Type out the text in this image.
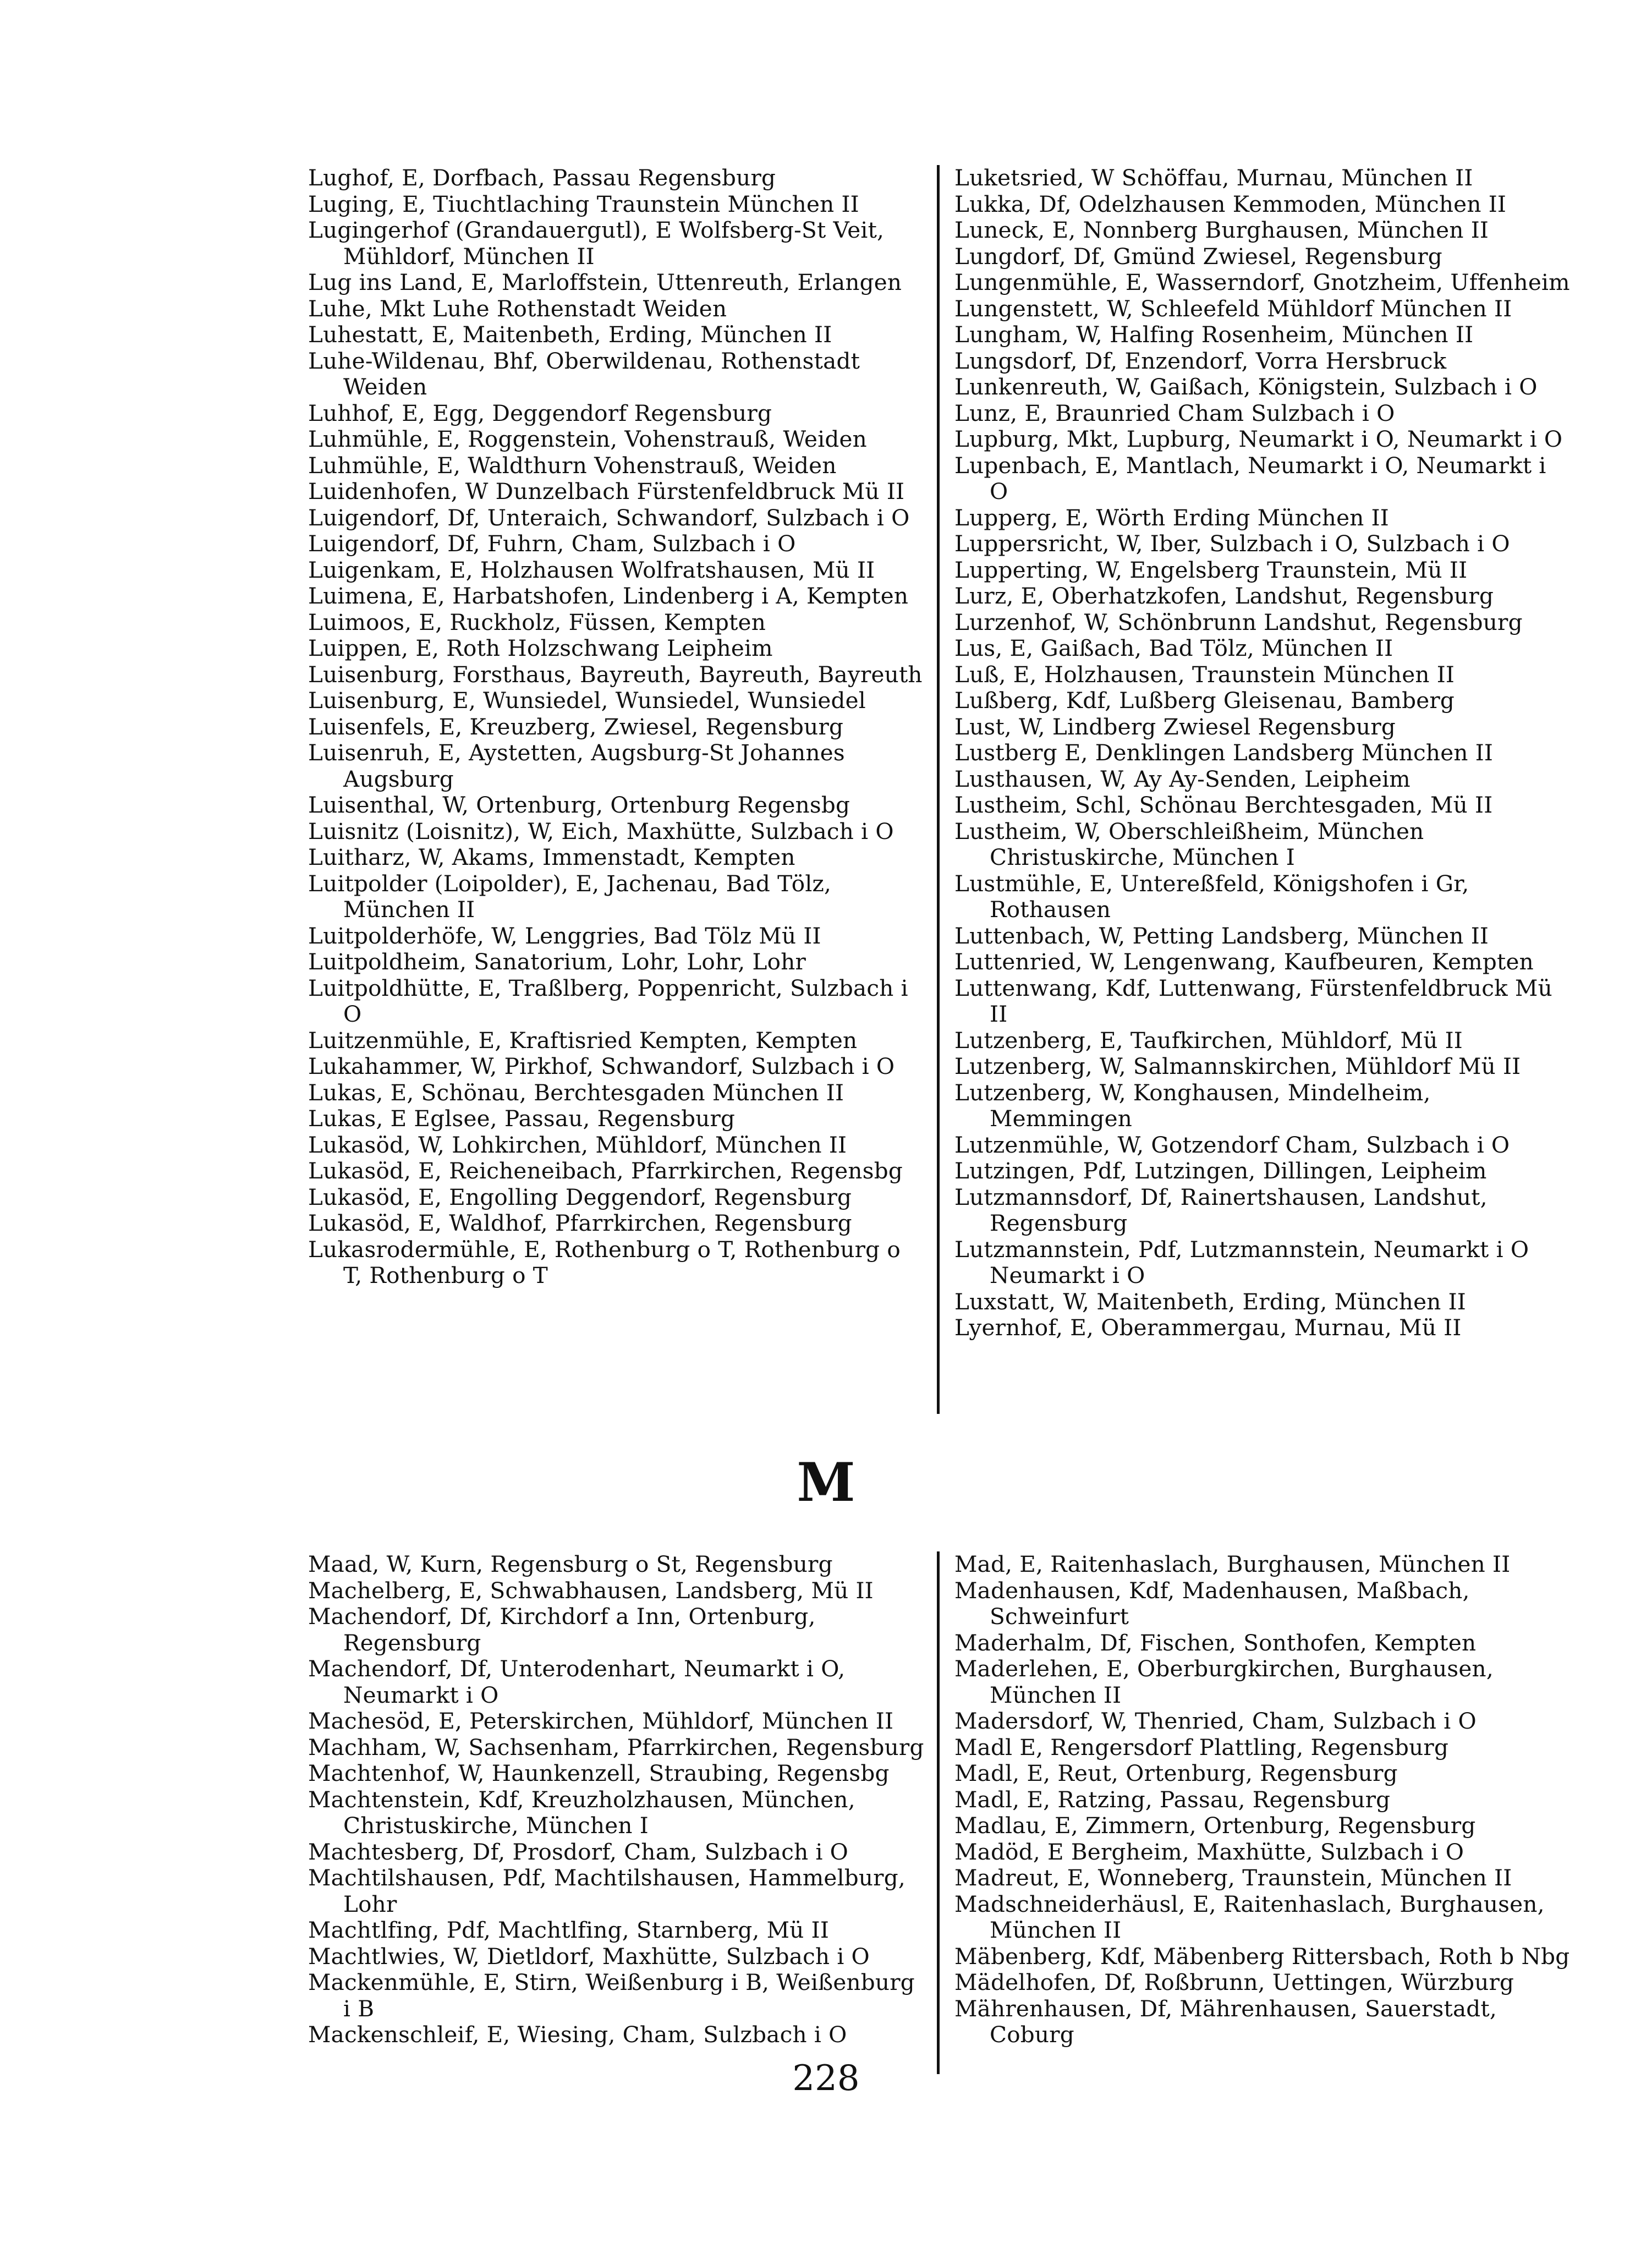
Lughof, E, Dorfbach, Passau Regensburg
Luging, E, Tiuchtlaching Traunstein München II
Lugingerhof (Grandauergutl), E Wolfsberg-St Veit, Mühldorf, München II
Lug ins Land, E, Marloffstein, Uttenreuth, Erlangen
Luhe, Mkt Luhe Rothenstadt Weiden
Luhestatt, E, Maitenbeth, Erding, München II
Luhe-Wildenau, Bhf, Oberwildenau, Rothenstadt Weiden
Luhhof, E, Egg, Deggendorf Regensburg
Luhmühle, E, Roggenstein, Vohenstrauß, Weiden
Luhmühle, E, Waldthurn Vohenstrauß, Weiden
Luidenhofen, W Dunzelbach Fürstenfeldbruck Mü II
Luigendorf, Df, Unteraich, Schwandorf, Sulzbach i O
Luigendorf, Df, Fuhrn, Cham, Sulzbach i O
Luigenkam, E, Holzhausen Wolfratshausen, Mü II
Luimena, E, Harbatshofen, Lindenberg i A, Kempten
Luimoos, E, Ruckholz, Füssen, Kempten
Luippen, E, Roth Holzschwang Leipheim
Luisenburg, Forsthaus, Bayreuth, Bayreuth, Bayreuth
Luisenburg, E, Wunsiedel, Wunsiedel, Wunsiedel
Luisenfels, E, Kreuzberg, Zwiesel, Regensburg
Luisenruh, E, Aystetten, Augsburg-St Johannes Augsburg
Luisenthal, W, Ortenburg, Ortenburg Regensbg
Luisnitz (Loisnitz), W, Eich, Maxhütte, Sulzbach i O
Luitharz, W, Akams, Immenstadt, Kempten
Luitpolder (Loipolder), E, Jachenau, Bad Tölz, München II
Luitpolderhöfe, W, Lenggries, Bad Tölz Mü II
Luitpoldheim, Sanatorium, Lohr, Lohr, Lohr
Luitpoldhütte, E, Traßlberg, Poppenricht, Sulzbach i O
Luitzenmühle, E, Kraftisried Kempten, Kempten
Lukahammer, W, Pirkhof, Schwandorf, Sulzbach i O
Lukas, E, Schönau, Berchtesgaden München II
Lukas, E Eglsee, Passau, Regensburg
Lukasöd, W, Lohkirchen, Mühldorf, München II
Lukasöd, E, Reicheneibach, Pfarrkirchen, Regensbg
Lukasöd, E, Engolling Deggendorf, Regensburg
Lukasöd, E, Waldhof, Pfarrkirchen, Regensburg
Lukasrodermühle, E, Rothenburg o T, Rothenburg o T, Rothenburg o T
Luketsried, W Schöffau, Murnau, München II
Lukka, Df, Odelzhausen Kemmoden, München II
Luneck, E, Nonnberg Burghausen, München II
Lungdorf, Df, Gmünd Zwiesel, Regensburg
Lungenmühle, E, Wasserndorf, Gnotzheim, Uffenheim
Lungenstett, W, Schleefeld Mühldorf München II
Lungham, W, Halfing Rosenheim, München II
Lungsdorf, Df, Enzendorf, Vorra Hersbruck
Lunkenreuth, W, Gaißach, Königstein, Sulzbach i O
Lunz, E, Braunried Cham Sulzbach i O
Lupburg, Mkt, Lupburg, Neumarkt i O, Neumarkt i O
Lupenbach, E, Mantlach, Neumarkt i O, Neumarkt i O
Lupperg, E, Wörth Erding München II
Luppersricht, W, Iber, Sulzbach i O, Sulzbach i O
Lupperting, W, Engelsberg Traunstein, Mü II
Lurz, E, Oberhatzkofen, Landshut, Regensburg
Lurzenhof, W, Schönbrunn Landshut, Regensburg
Lus, E, Gaißach, Bad Tölz, München II
Luß, E, Holzhausen, Traunstein München II
Lußberg, Kdf, Lußberg Gleisenau, Bamberg
Lust, W, Lindberg Zwiesel Regensburg
Lustberg E, Denklingen Landsberg München II
Lusthausen, W, Ay Ay-Senden, Leipheim
Lustheim, Schl, Schönau Berchtesgaden, Mü II
Lustheim, W, Oberschleißheim, München Christuskirche, München I
Lustmühle, E, Untereßfeld, Königshofen i Gr, Rothausen
Luttenbach, W, Petting Landsberg, München II
Luttenried, W, Lengenwang, Kaufbeuren, Kempten
Luttenwang, Kdf, Luttenwang, Fürstenfeldbruck Mü II
Lutzenberg, E, Taufkirchen, Mühldorf, Mü II
Lutzenberg, W, Salmannskirchen, Mühldorf Mü II
Lutzenberg, W, Konghausen, Mindelheim, Memmingen
Lutzenmühle, W, Gotzendorf Cham, Sulzbach i O
Lutzingen, Pdf, Lutzingen, Dillingen, Leipheim
Lutzmannsdorf, Df, Rainertshausen, Landshut, Regensburg
Lutzmannstein, Pdf, Lutzmannstein, Neumarkt i O Neumarkt i O
Luxstatt, W, Maitenbeth, Erding, München II
Lyernhof, E, Oberammergau, Murnau, Mü II
M
Maad, W, Kurn, Regensburg o St, Regensburg
Machelberg, E, Schwabhausen, Landsberg, Mü II
Machendorf, Df, Kirchdorf a Inn, Ortenburg, Regensburg
Machendorf, Df, Unterodenhart, Neumarkt i O, Neumarkt i O
Machesöd, E, Peterskirchen, Mühldorf, München II
Machham, W, Sachsenham, Pfarrkirchen, Regensburg
Machtenhof, W, Haunkenzell, Straubing, Regensbg
Machtenstein, Kdf, Kreuzholzhausen, München, Christuskirche, München I
Machtesberg, Df, Prosdorf, Cham, Sulzbach i O
Machtilshausen, Pdf, Machtilshausen, Hammelburg, Lohr
Machtlfing, Pdf, Machtlfing, Starnberg, Mü II
Machtlwies, W, Dietldorf, Maxhütte, Sulzbach i O
Mackenmühle, E, Stirn, Weißenburg i B, Weißenburg i B
Mackenschleif, E, Wiesing, Cham, Sulzbach i O
Mad, E, Raitenhaslach, Burghausen, München II
Madenhausen, Kdf, Madenhausen, Maßbach, Schweinfurt
Maderhalm, Df, Fischen, Sonthofen, Kempten
Maderlehen, E, Oberburgkirchen, Burghausen, München II
Madersdorf, W, Thenried, Cham, Sulzbach i O
Madl E, Rengersdorf Plattling, Regensburg
Madl, E, Reut, Ortenburg, Regensburg
Madl, E, Ratzing, Passau, Regensburg
Madlau, E, Zimmern, Ortenburg, Regensburg
Madöd, E Bergheim, Maxhütte, Sulzbach i O
Madreut, E, Wonneberg, Traunstein, München II
Madschneiderhäusl, E, Raitenhaslach, Burghausen, München II
Mäbenberg, Kdf, Mäbenberg Rittersbach, Roth b Nbg
Mädelhofen, Df, Roßbrunn, Uettingen, Würzburg
Mährenhausen, Df, Mährenhausen, Sauerstadt, Coburg
228
